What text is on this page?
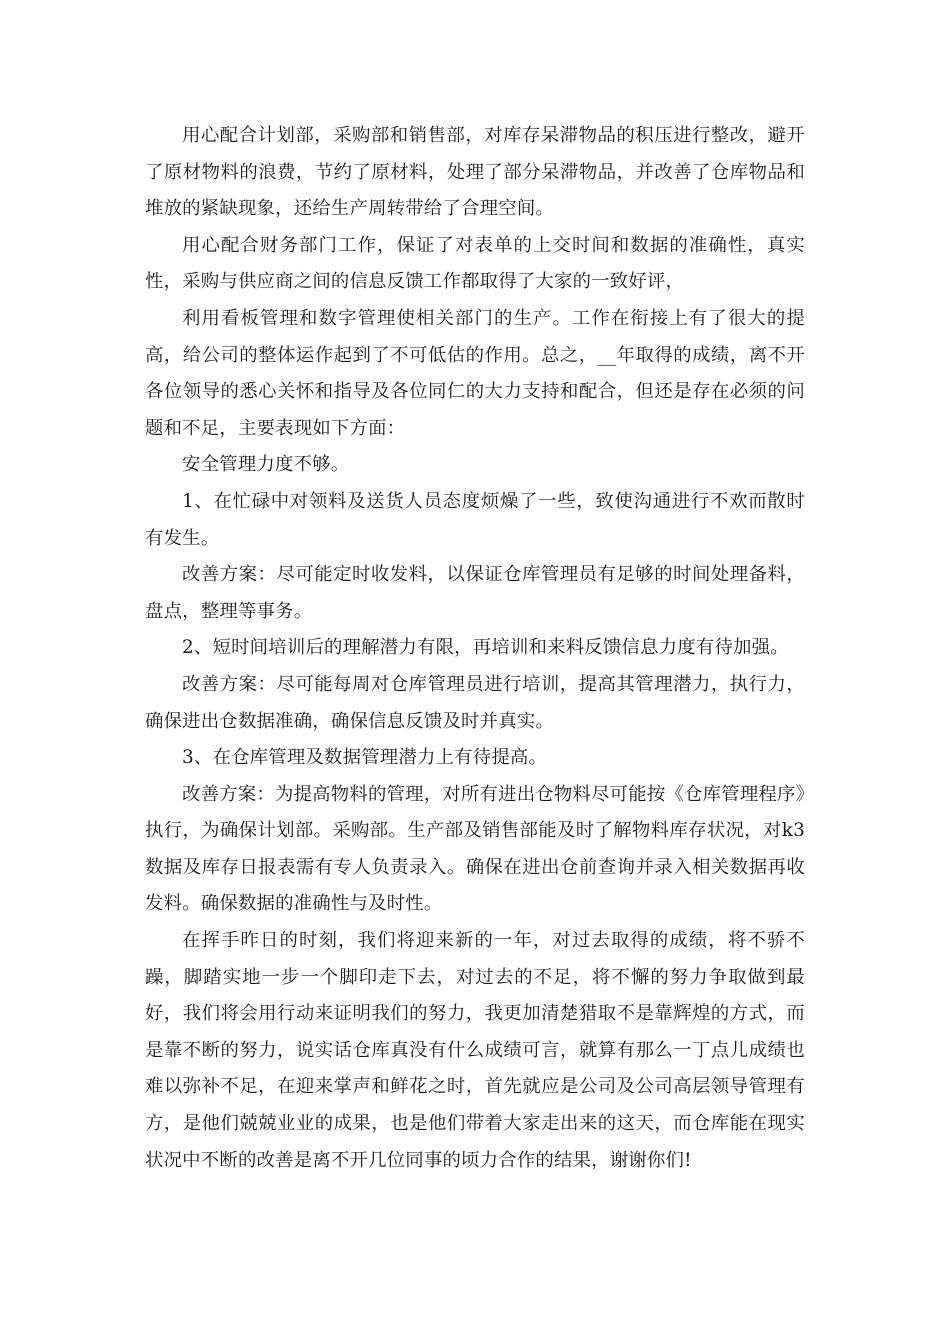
用心配合计划部，采购部和销售部，对库存呆滞物品的积压进行整改，避开了原材物料的浪费，节约了原材料，处理了部分呆滞物品，并改善了仓库物品和堆放的紧缺现象，还给生产周转带给了合理空间。

用心配合财务部门工作，保证了对表单的上交时间和数据的准确性，真实性，采购与供应商之间的信息反馈工作都取得了大家的一致好评，

利用看板管理和数字管理使相关部门的生产。工作在衔接上有了很大的提高，给公司的整体运作起到了不可低估的作用。总之，__年取得的成绩，离不开各位领导的悉心关怀和指导及各位同仁的大力支持和配合，但还是存在必须的问题和不足，主要表现如下方面：

安全管理力度不够。

1、在忙碌中对领料及送货人员态度烦燥了一些，致使沟通进行不欢而散时有发生。

改善方案：尽可能定时收发料，以保证仓库管理员有足够的时间处理备料，盘点，整理等事务。

2、短时间培训后的理解潜力有限，再培训和来料反馈信息力度有待加强。

改善方案：尽可能每周对仓库管理员进行培训，提高其管理潜力，执行力，确保进出仓数据准确，确保信息反馈及时并真实。

3、在仓库管理及数据管理潜力上有待提高。

改善方案：为提高物料的管理，对所有进出仓物料尽可能按《仓库管理程序》执行，为确保计划部。采购部。生产部及销售部能及时了解物料库存状况，对k3数据及库存日报表需有专人负责录入。确保在进出仓前查询并录入相关数据再收发料。确保数据的准确性与及时性。

在挥手昨日的时刻，我们将迎来新的一年，对过去取得的成绩，将不骄不躁，脚踏实地一步一个脚印走下去，对过去的不足，将不懈的努力争取做到最好，我们将会用行动来证明我们的努力，我更加清楚猎取不是靠辉煌的方式，而是靠不断的努力，说实话仓库真没有什么成绩可言，就算有那么一丁点儿成绩也难以弥补不足，在迎来掌声和鲜花之时，首先就应是公司及公司高层领导管理有方，是他们兢兢业业的成果，也是他们带着大家走出来的这天，而仓库能在现实状况中不断的改善是离不开几位同事的顷力合作的结果，谢谢你们!
